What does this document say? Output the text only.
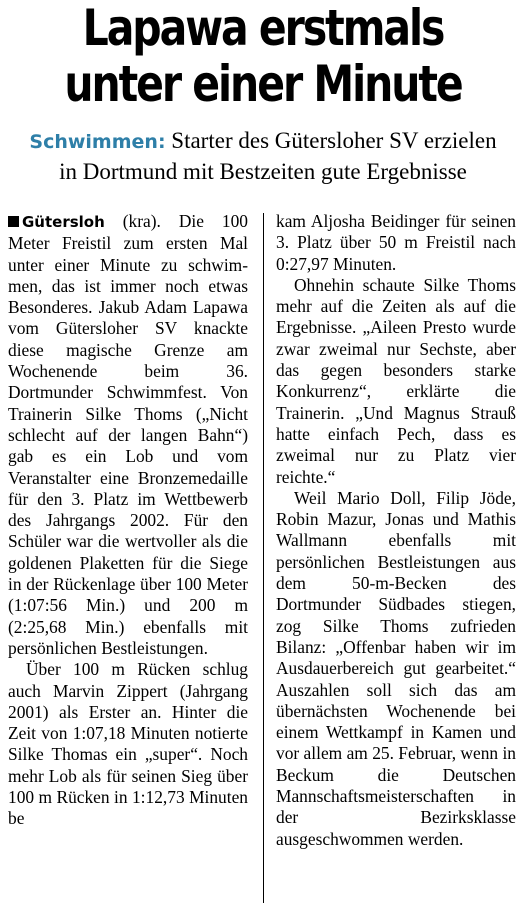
Lapawa erstmals
unter einer Minute
Schwimmen: Starter des Gütersloher SV erzielen
in Dortmund mit Bestzeiten gute Ergebnisse

Gütersloh (kra). Die 100 Meter Freistil zum ersten Mal unter einer Minute zu schwimmen, das ist immer noch etwas Besonderes. Jakub Adam Lapawa vom Gütersloher SV knackte diese magische Grenze am Wochenende beim 36. Dortmunder Schwimmfest. Von Trainerin Silke Thoms („Nicht schlecht auf der langen Bahn“) gab es ein Lob und vom Veranstalter eine Bronzemedaille für den 3. Platz im Wettbewerb des Jahrgangs 2002. Für den Schüler war die wertvoller als die goldenen Plaketten für die Siege in der Rückenlage über 100 Meter (1:07:56 Min.) und 200 m (2:25,68 Min.) ebenfalls mit persönlichen Bestleistungen.

Über 100 m Rücken schlug auch Marvin Zippert (Jahrgang 2001) als Erster an. Hinter die Zeit von 1:07,18 Minuten notierte Silke Thomas ein „super“. Noch mehr Lob als für seinen Sieg über 100 m Rücken in 1:12,73 Minuten be

kam Aljosha Beidinger für seinen 3. Platz über 50 m Freistil nach 0:27,97 Minuten.

Ohnehin schaute Silke Thoms mehr auf die Zeiten als auf die Ergebnisse. „Aileen Presto wurde zwar zweimal nur Sechste, aber das gegen besonders starke Konkurrenz“, erklärte die Trainerin. „Und Magnus Strauß hatte einfach Pech, dass es zweimal nur zu Platz vier reichte.“

Weil Mario Doll, Filip Jöde, Robin Mazur, Jonas und Mathis Wallmann ebenfalls mit persönlichen Bestleistungen aus dem 50-m-Becken des Dortmunder Südbades stiegen, zog Silke Thoms zufrieden Bilanz: „Offenbar haben wir im Ausdauerbereich gut gearbeitet.“ Auszahlen soll sich das am übernächsten Wochenende bei einem Wettkampf in Kamen und vor allem am 25. Februar, wenn in Beckum die Deutschen Mannschaftsmeisterschaften in der Bezirksklasse ausgeschwommen werden.
